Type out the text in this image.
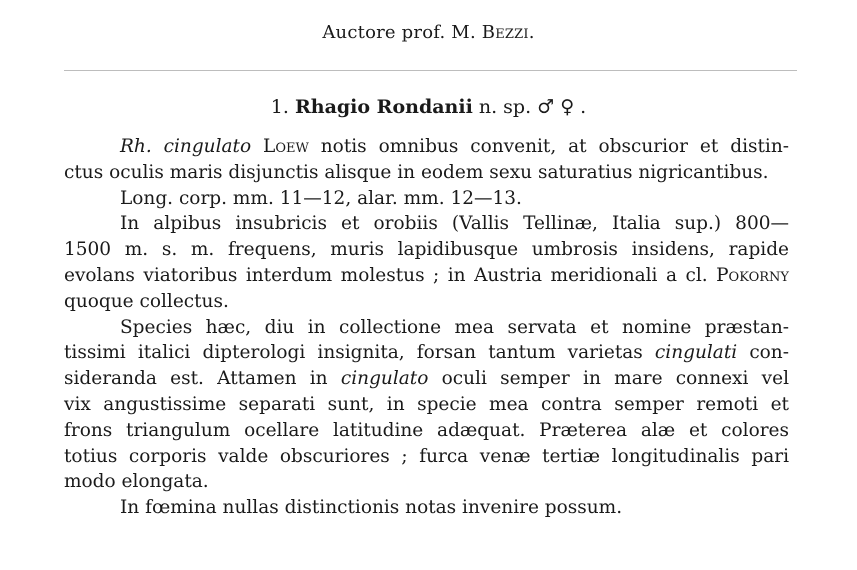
Auctore prof. M. Bezzi.
1. Rhagio Rondanii n. sp. ♂ ♀ .
Rh. cingulato Loew notis omnibus convenit, at obscurior et distin-
ctus oculis maris disjunctis alisque in eodem sexu saturatius nigricantibus.
Long. corp. mm. 11—12, alar. mm. 12—13.
In alpibus insubricis et orobiis (Vallis Tellinæ, Italia sup.) 800—
1500 m. s. m. frequens, muris lapidibusque umbrosis insidens, rapide
evolans viatoribus interdum molestus ; in Austria meridionali a cl. Pokorny
quoque collectus.
Species hæc, diu in collectione mea servata et nomine præstan-
tissimi italici dipterologi insignita, forsan tantum varietas cingulati con-
sideranda est. Attamen in cingulato oculi semper in mare connexi vel
vix angustissime separati sunt, in specie mea contra semper remoti et
frons triangulum ocellare latitudine adæquat. Præterea alæ et colores
totius corporis valde obscuriores ; furca venæ tertiæ longitudinalis pari
modo elongata.
In fœmina nullas distinctionis notas invenire possum.
